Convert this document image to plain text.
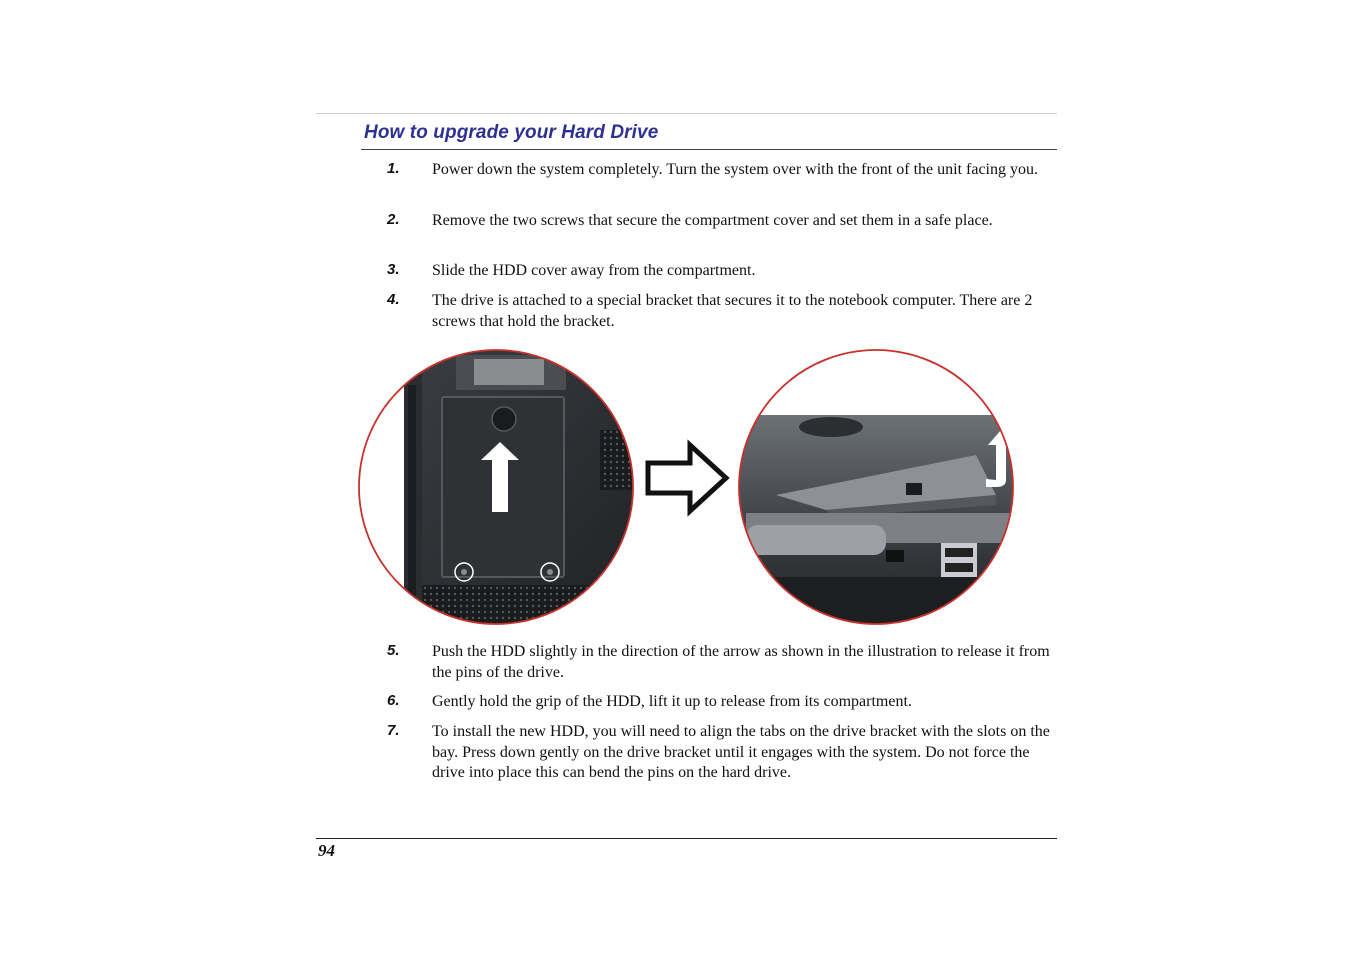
How to upgrade your Hard Drive
1. Power down the system completely. Turn the system over with the front of the unit facing you.
2. Remove the two screws that secure the compartment cover and set them in a safe place.
3. Slide the HDD cover away from the compartment.
4. The drive is attached to a special bracket that secures it to the notebook computer. There are 2 screws that hold the bracket.
5. Push the HDD slightly in the direction of the arrow as shown in the illustration to release it from the pins of the drive.
6. Gently hold the grip of the HDD, lift it up to release from its compartment.
7. To install the new HDD, you will need to align the tabs on the drive bracket with the slots on the bay. Press down gently on the drive bracket until it engages with the system. Do not force the drive into place this can bend the pins on the hard drive.
94
